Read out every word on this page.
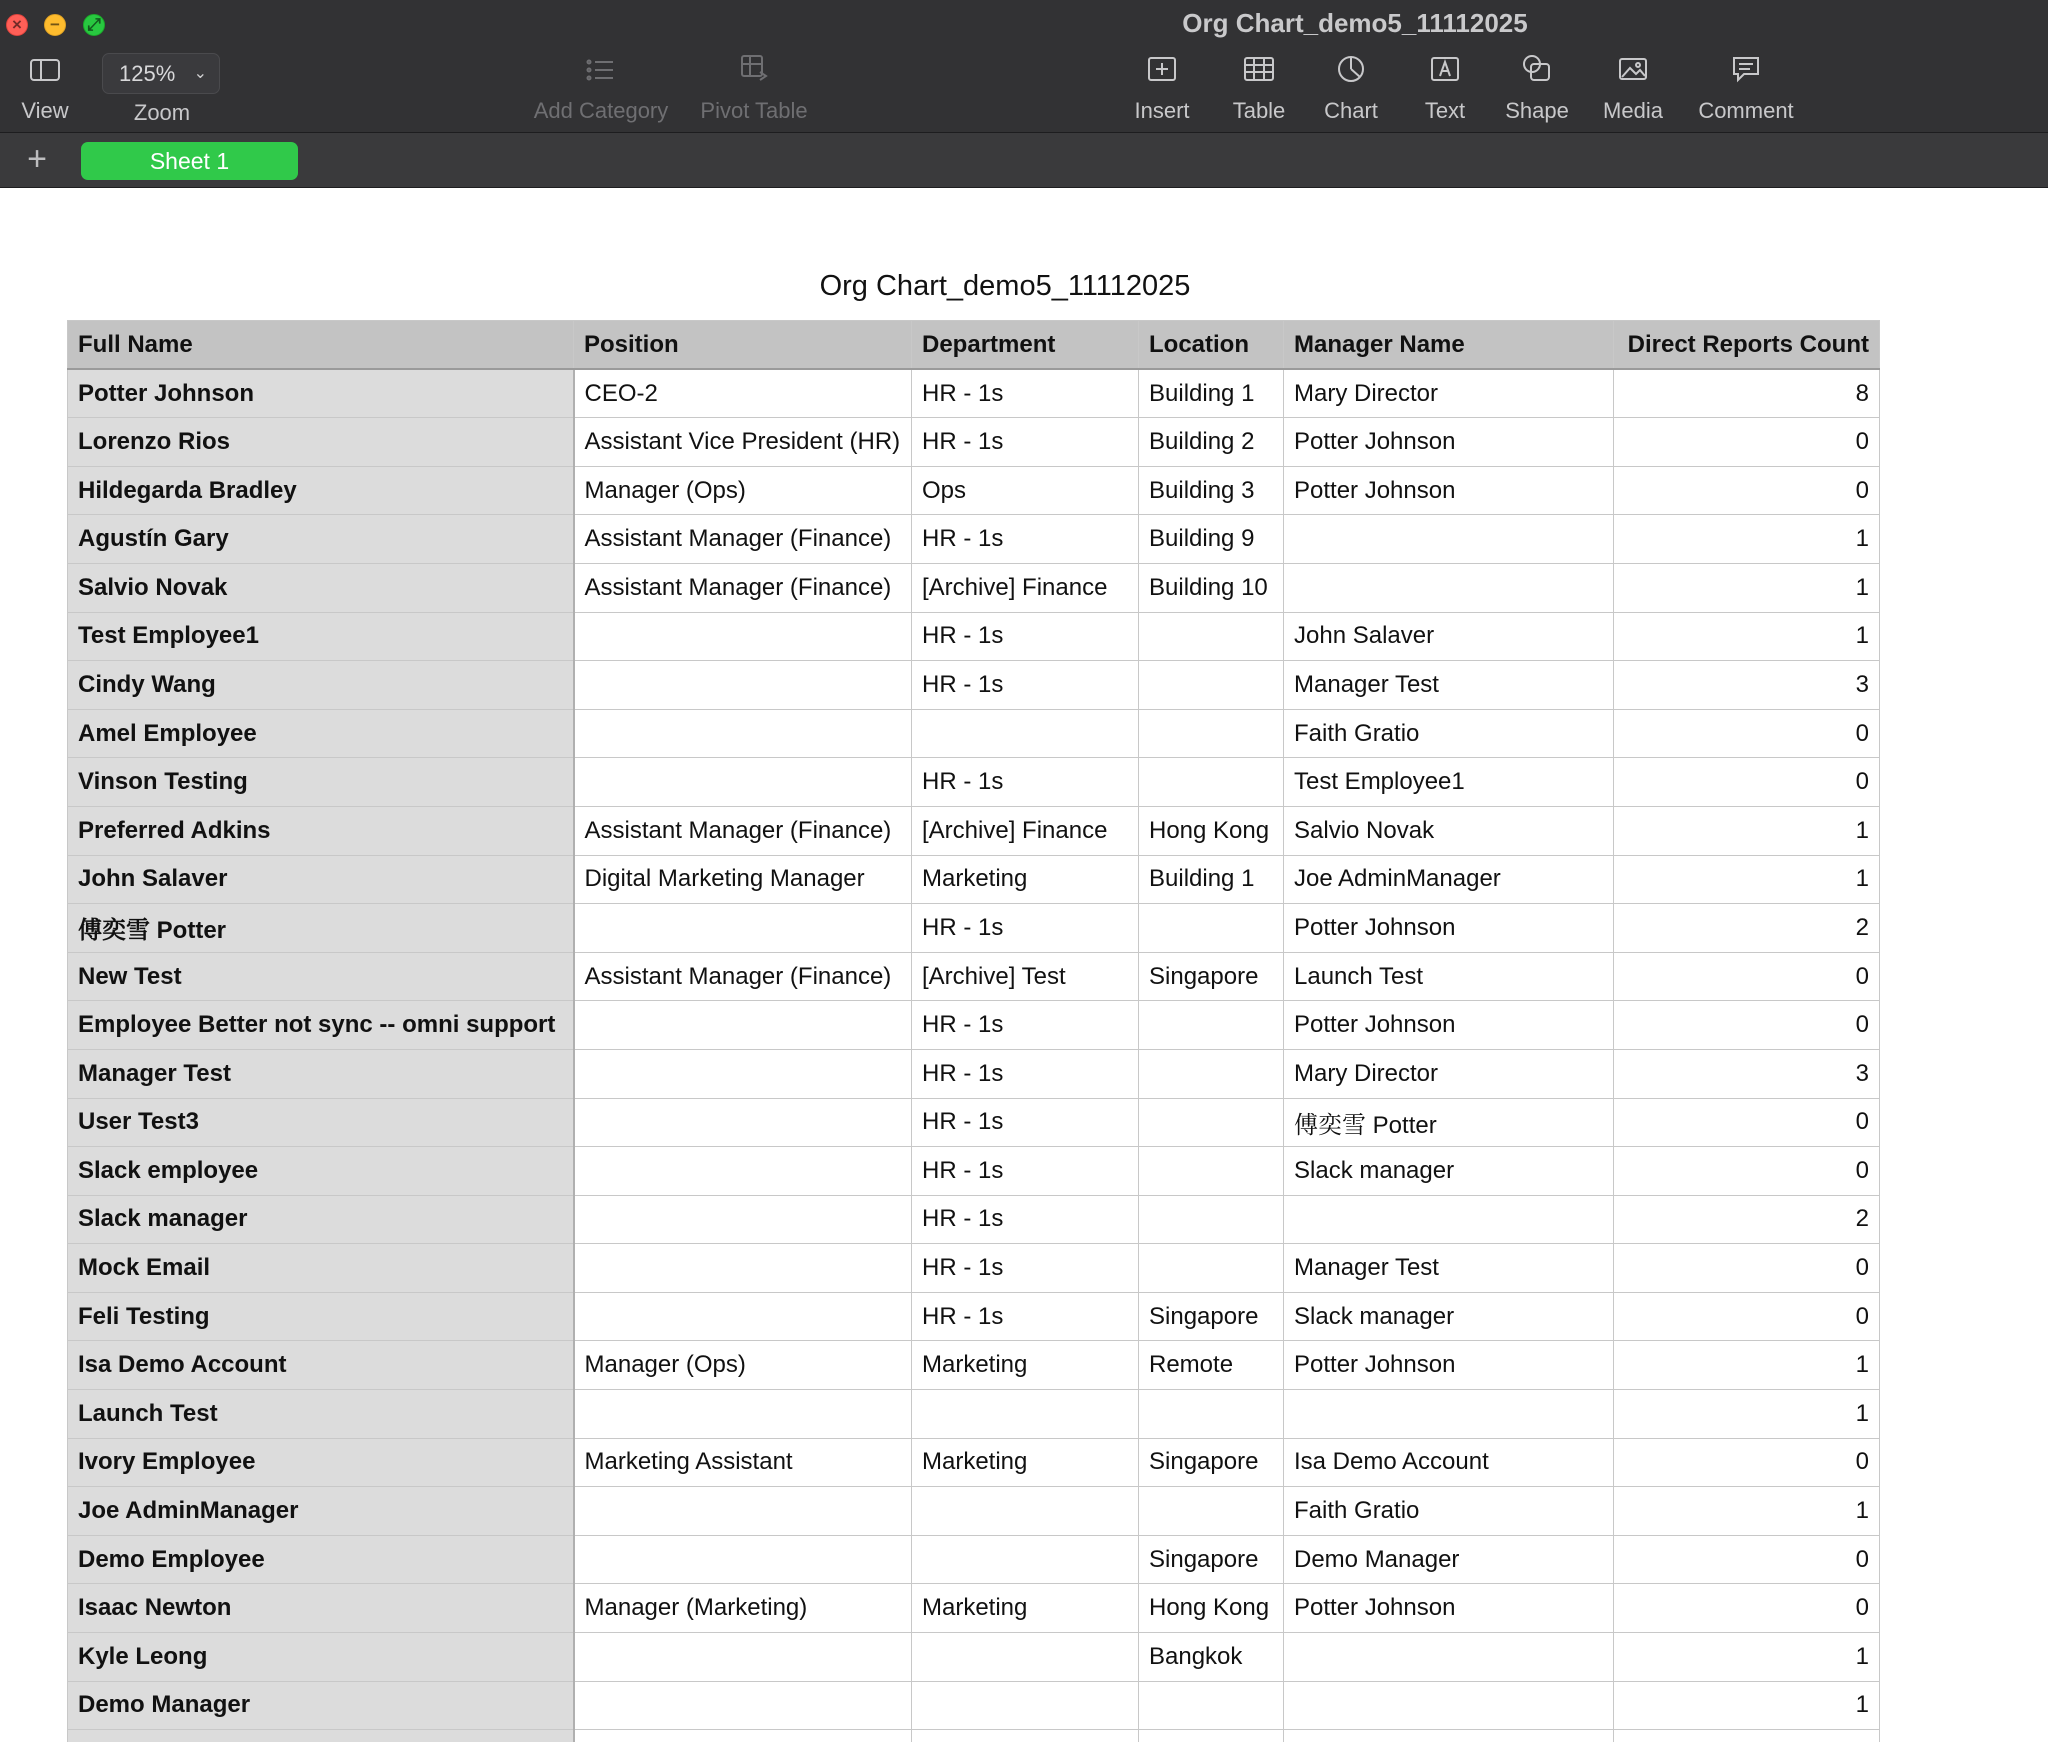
× − ⤢	Org Chart_demo5_11112025
View
125% ⌄
Zoom	Add Category Pivot Table	Insert	Table	Chart	Text	Shape Media Comment
+	Sheet 1
Org Chart_demo5_11112025
Full Name	Position	Department	Location	Manager Name	Direct Reports Count
Potter Johnson	CEO-2	HR - 1s	Building 1	Mary Director	8
Lorenzo Rios	Assistant Vice President (HR)	HR - 1s	Building 2	Potter Johnson	0
Hildegarda Bradley	Manager (Ops)	Ops	Building 3	Potter Johnson	0
Agustín Gary	Assistant Manager (Finance)	HR - 1s	Building 9		1
Salvio Novak	Assistant Manager (Finance)	[Archive] Finance	Building 10		1
Test Employee1		HR - 1s		John Salaver	1
Cindy Wang		HR - 1s		Manager Test	3
Amel Employee				Faith Gratio	0
Vinson Testing		HR - 1s		Test Employee1	0
Preferred Adkins	Assistant Manager (Finance)	[Archive] Finance	Hong Kong	Salvio Novak	1
John Salaver	Digital Marketing Manager	Marketing	Building 1	Joe AdminManager	1
傅奕雪 Potter		HR - 1s		Potter Johnson	2
New Test	Assistant Manager (Finance)	[Archive] Test	Singapore	Launch Test	0
Employee Better not sync -- omni support		HR - 1s		Potter Johnson	0
Manager Test		HR - 1s		Mary Director	3
User Test3		HR - 1s		傅奕雪 Potter	0
Slack employee		HR - 1s		Slack manager	0
Slack manager		HR - 1s			2
Mock Email		HR - 1s		Manager Test	0
Feli Testing		HR - 1s	Singapore	Slack manager	0
Isa Demo Account	Manager (Ops)	Marketing	Remote	Potter Johnson	1
Launch Test					1
Ivory Employee	Marketing Assistant	Marketing	Singapore	Isa Demo Account	0
Joe AdminManager				Faith Gratio	1
Demo Employee			Singapore	Demo Manager	0
Isaac Newton	Manager (Marketing)	Marketing	Hong Kong	Potter Johnson	0
Kyle Leong			Bangkok		1
Demo Manager					1
